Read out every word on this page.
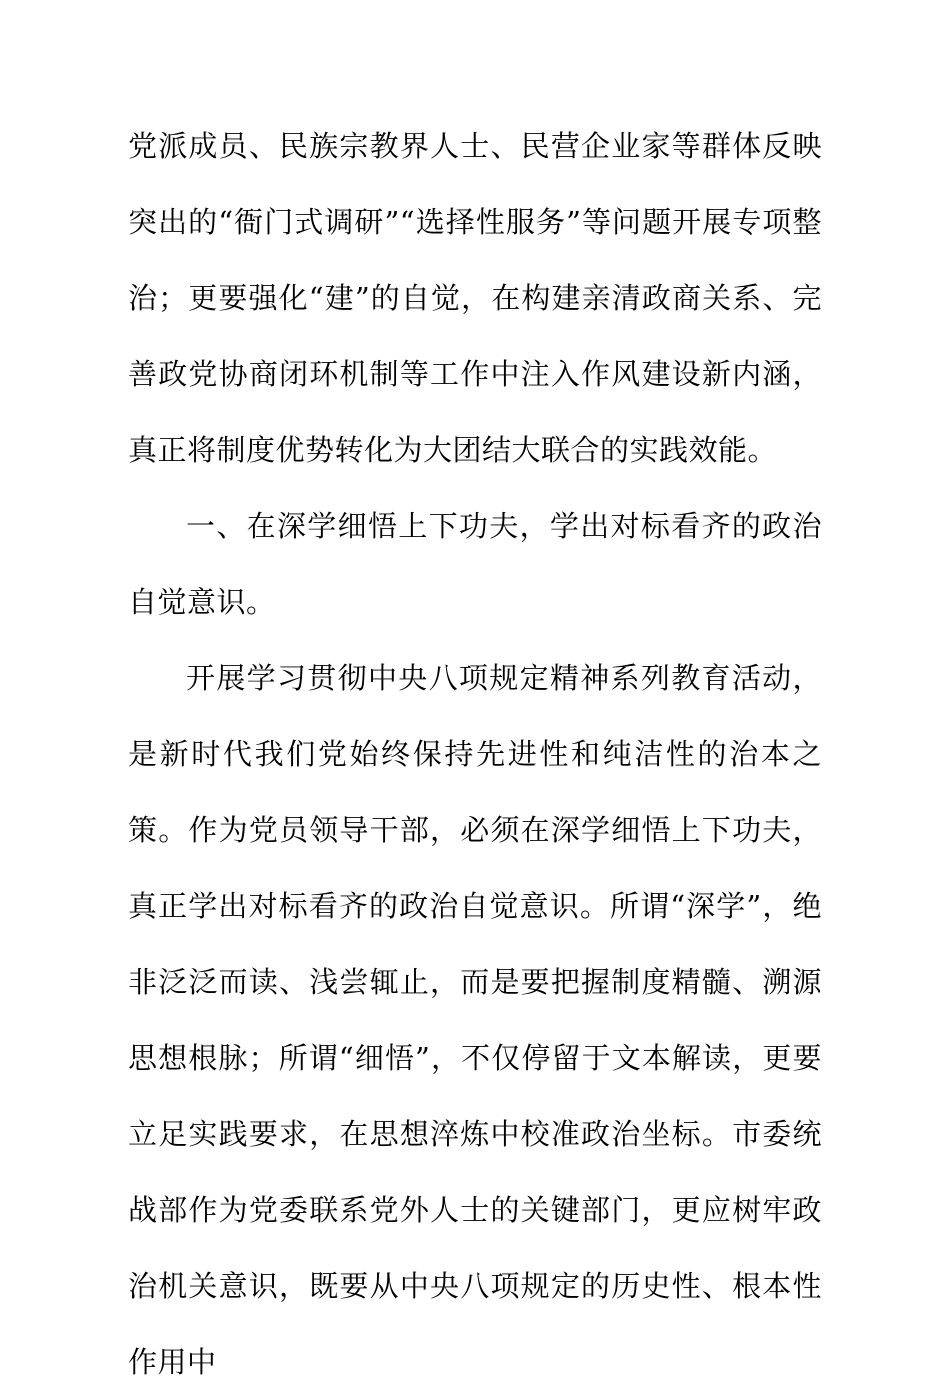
党派成员、民族宗教界人士、民营企业家等群体反映突出的“衙门式调研”“选择性服务”等问题开展专项整治；更要强化“建”的自觉，在构建亲清政商关系、完善政党协商闭环机制等工作中注入作风建设新内涵，真正将制度优势转化为大团结大联合的实践效能。

一、在深学细悟上下功夫，学出对标看齐的政治自觉意识。

开展学习贯彻中央八项规定精神系列教育活动，是新时代我们党始终保持先进性和纯洁性的治本之策。作为党员领导干部，必须在深学细悟上下功夫，真正学出对标看齐的政治自觉意识。所谓“深学”，绝非泛泛而读、浅尝辄止，而是要把握制度精髓、溯源思想根脉；所谓“细悟”，不仅停留于文本解读，更要立足实践要求，在思想淬炼中校准政治坐标。市委统战部作为党委联系党外人士的关键部门，更应树牢政治机关意识，既要从中央八项规定的历史性、根本性作用中
